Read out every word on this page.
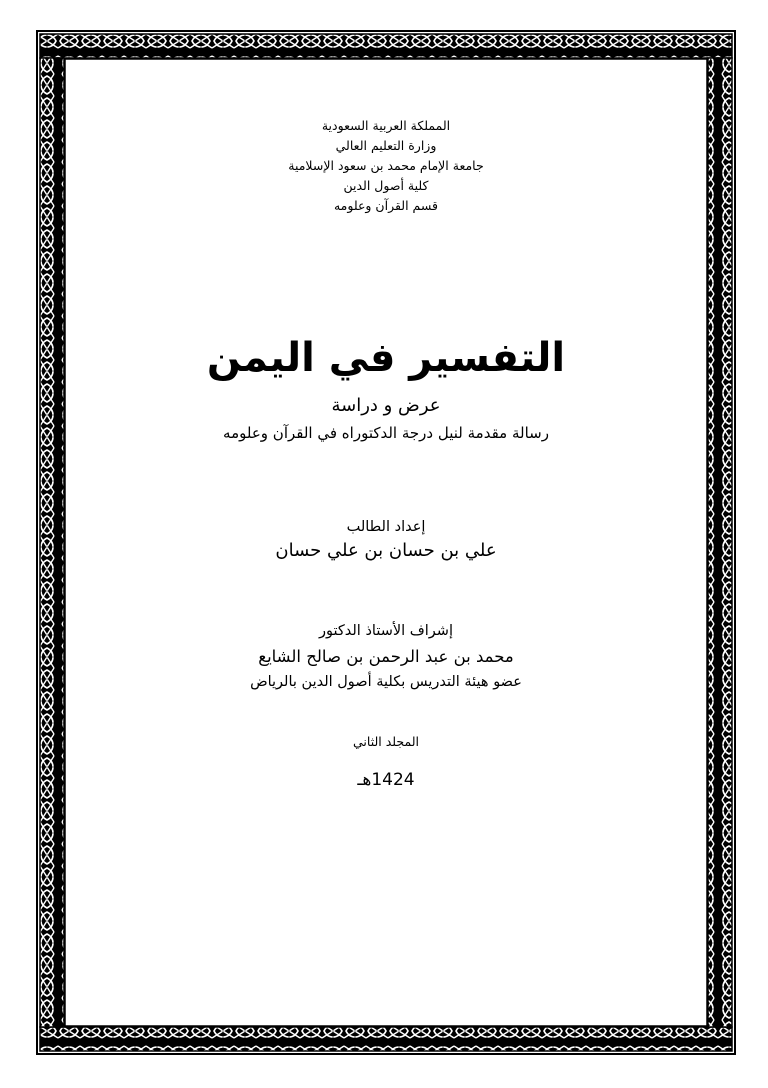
المملكة العربية السعودية
وزارة التعليم العالي
جامعة الإمام محمد بن سعود الإسلامية
كلية أصول الدين
قسم القرآن وعلومه
التفسير في اليمن
عرض و دراسة
رسالة مقدمة لنيل درجة الدكتوراه في القرآن وعلومه
إعداد الطالب
علي بن حسان بن علي حسان
إشراف الأستاذ الدكتور
محمد بن عبد الرحمن بن صالح الشايع
عضو هيئة التدريس بكلية أصول الدين بالرياض
المجلد الثاني
1424هـ
